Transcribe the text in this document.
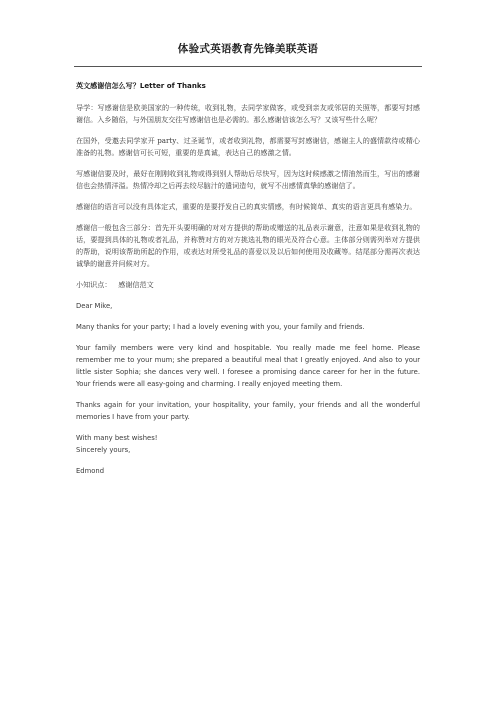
体验式英语教育先锋美联英语

英文感谢信怎么写？Letter of Thanks

导学：写感谢信是欧美国家的一种传统，收到礼物，去同学家做客，或受到亲友或邻居的关照等，都要写封感谢信。入乡随俗，与外国朋友交往写感谢信也是必需的。那么感谢信该怎么写？又该写些什么呢？

在国外，受邀去同学家开 party、过圣诞节，或者收到礼物，都需要写封感谢信，感谢主人的盛情款待或精心准备的礼物。感谢信可长可短，重要的是真诚，表达自己的感激之情。

写感谢信要及时，最好在刚刚收到礼物或得到别人帮助后尽快写，因为这时候感激之情油然而生，写出的感谢信也会热情洋溢。热情冷却之后再去绞尽脑汁的遣词造句，就写不出感情真挚的感谢信了。

感谢信的语言可以没有具体定式，重要的是要抒发自己的真实情感，有时候简单、真实的语言更具有感染力。

感谢信一般包含三部分：首先开头要明确的对对方提供的帮助或赠送的礼品表示谢意，注意如果是收到礼物的话，要提到具体的礼物或者礼品，并称赞对方的对方挑选礼物的眼光及符合心意。主体部分则需列举对方提供的帮助，说明该帮助所起的作用，或表达对所受礼品的喜爱以及以后如何使用及收藏等。结尾部分需再次表达诚挚的谢意并问候对方。

小知识点：   感谢信范文

Dear Mike,

Many thanks for your party; I had a lovely evening with you, your family and friends.

Your family members were very kind and hospitable. You really made me feel home. Please remember me to your mum; she prepared a beautiful meal that I greatly enjoyed. And also to your little sister Sophia; she dances very well. I foresee a promising dance career for her in the future. Your friends were all easy-going and charming. I really enjoyed meeting them.

Thanks again for your invitation, your hospitality, your family, your friends and all the wonderful memories I have from your party.

With many best wishes!

Sincerely yours,

Edmond
